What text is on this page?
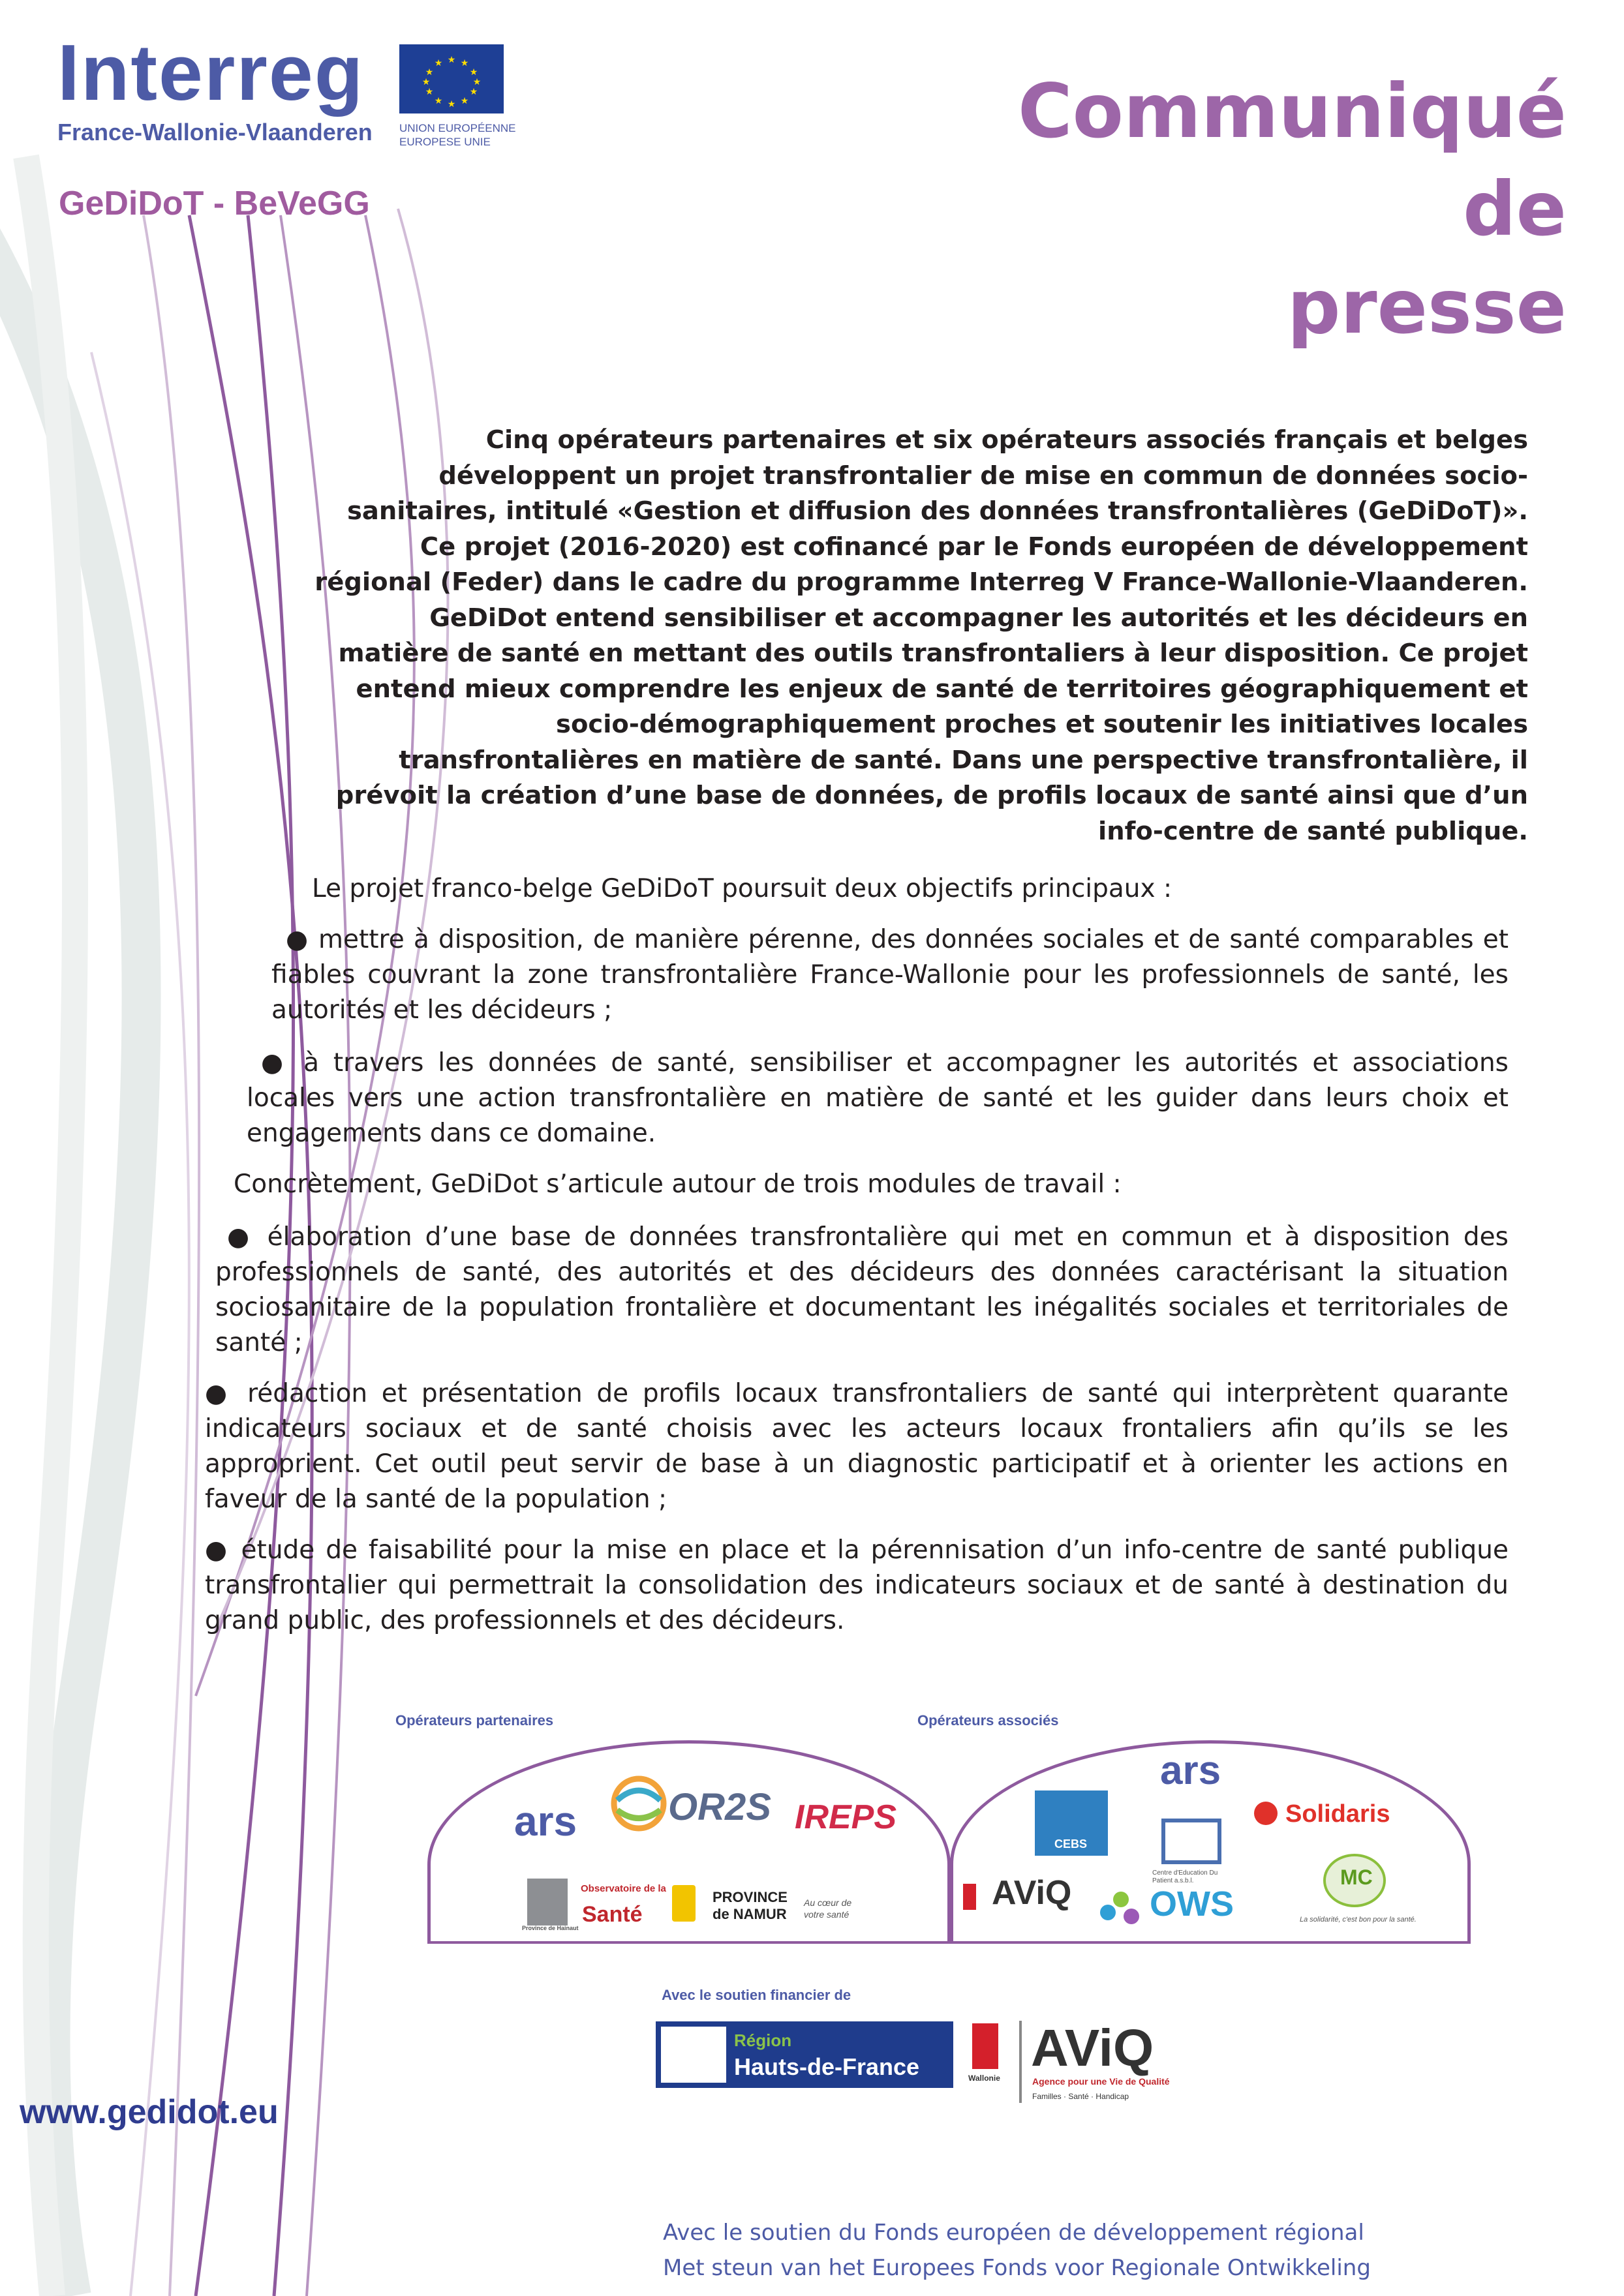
Interreg
France-Wallonie-Vlaanderen
★ ★
★
★
★
★
★
★
★
★
★
★
UNION EUROPÉENNE
EUROPESE UNIE
GeDiDoT - BeVeGG
Communiqué
de
presse
Cinq opérateurs partenaires et six opérateurs associés français et belges développent un projet transfrontalier de mise en commun de données socio-sanitaires, intitulé «Gestion et diffusion des données transfrontalières (GeDiDoT)». Ce projet (2016-2020) est cofinancé par le Fonds européen de développement régional (Feder) dans le cadre du programme Interreg V France-Wallonie-Vlaanderen. GeDiDot entend sensibiliser et accompagner les autorités et les décideurs en matière de santé en mettant des outils transfrontaliers à leur disposition. Ce projet entend mieux comprendre les enjeux de santé de territoires géographiquement et socio-démographiquement proches et soutenir les initiatives locales transfrontalières en matière de santé. Dans une perspective transfrontalière, il prévoit la création d’une base de données, de profils locaux de santé ainsi que d’un info-centre de santé publique.
Le projet franco-belge GeDiDoT poursuit deux objectifs principaux :
● mettre à disposition, de manière pérenne, des données sociales et de santé comparables et fiables couvrant la zone transfrontalière France-Wallonie pour les professionnels de santé, les autorités et les décideurs ;
● à travers les données de santé, sensibiliser et accompagner les autorités et associations locales vers une action transfrontalière en matière de santé et les guider dans leurs choix et engagements dans ce domaine.
Concrètement, GeDiDot s’articule autour de trois modules de travail :
● élaboration d’une base de données transfrontalière qui met en commun et à disposition des professionnels de santé, des autorités et des décideurs des données caractérisant la situation sociosanitaire de la population frontalière et documentant les inégalités sociales et territoriales de santé ;
● rédaction et présentation de profils locaux transfrontaliers de santé qui interprètent quarante indicateurs sociaux et de santé choisis avec les acteurs locaux frontaliers afin qu’ils se les approprient. Cet outil peut servir de base à un diagnostic participatif et à orienter les actions en faveur de la santé de la population ;
● étude de faisabilité pour la mise en place et la pérennisation d’un info-centre de santé publique transfrontalier qui permettrait la consolidation des indicateurs sociaux et de santé à destination du grand public, des professionnels et des décideurs.
Opérateurs partenaires
ars OR2S IREPS
Province de Hainaut
Observatoire de la
Santé
PROVINCE
de NAMUR
Au cœur de votre santé
Opérateurs associés
ars
CEBS
Centre d'Education Du Patient a.s.b.l.
Solidaris
AViQ OWS
MC
La solidarité, c'est bon pour la santé.
Avec le soutien financier de
Région
Hauts-de-France	Wallonie
AViQ
Agence pour une Vie de Qualité
Familles · Santé · Handicap
www.gedidot.eu
Avec le soutien du Fonds européen de développement régional
Met steun van het Europees Fonds voor Regionale Ontwikkeling
